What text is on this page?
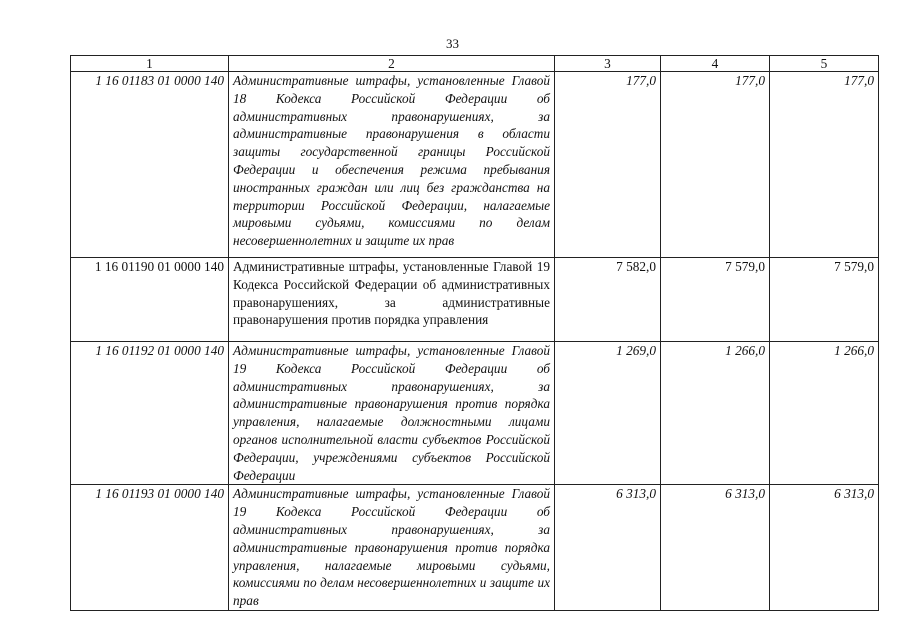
33
1	2	3	4	5
1 16 01183 01 0000 140	Административные штрафы, установленные Главой 18 Кодекса Российской Федерации об административных правонарушениях, за административные правонарушения в области защиты государственной границы Российской Федерации и обеспечения режима пребывания иностранных граждан или лиц без гражданства на территории Российской Федерации, налагаемые мировыми судьями, комиссиями по делам несовершеннолетних и защите их прав	177,0	177,0	177,0
1 16 01190 01 0000 140	Административные штрафы, установленные Главой 19 Кодекса Российской Федерации об административных правонарушениях, за административные правонарушения против порядка управления	7 582,0	7 579,0	7 579,0
1 16 01192 01 0000 140	Административные штрафы, установленные Главой 19 Кодекса Российской Федерации об административных правонарушениях, за административные правонарушения против порядка управления, налагаемые должностными лицами органов исполнительной власти субъектов Российской Федерации, учреждениями субъектов Российской Федерации	1 269,0	1 266,0	1 266,0
1 16 01193 01 0000 140	Административные штрафы, установленные Главой 19 Кодекса Российской Федерации об административных правонарушениях, за административные правонарушения против порядка управления, налагаемые мировыми судьями, комиссиями по делам несовершеннолетних и защите их прав	6 313,0	6 313,0	6 313,0
